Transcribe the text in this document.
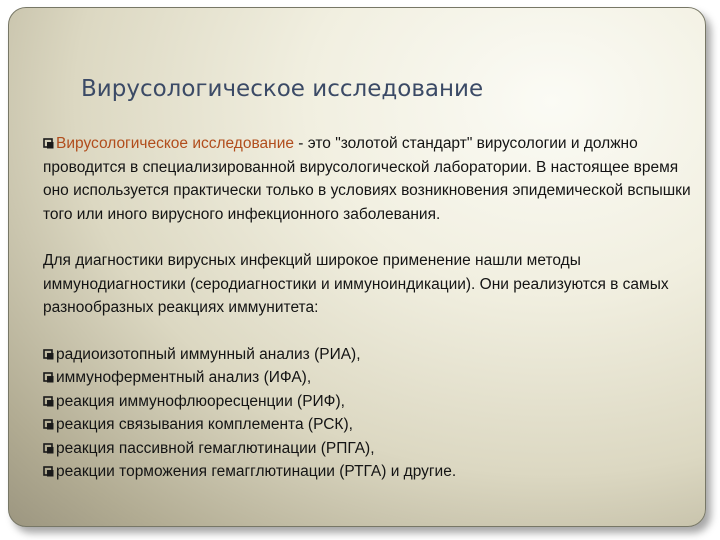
Вирусологическое исследование

Вирусологическое исследование - это "золотой стандарт" вирусологии и должно проводится в специализированной вирусологической лаборатории. В настоящее время оно используется практически только в условиях возникновения эпидемической вспышки того или иного вирусного инфекционного заболевания.

Для диагностики вирусных инфекций широкое применение нашли методы иммунодиагностики (серодиагностики и иммуноиндикации). Они реализуются в самых разнообразных реакциях иммунитета:

радиоизотопный иммунный анализ (РИА),

иммуноферментный анализ (ИФА),

реакция иммунофлюоресценции (РИФ),

реакция связывания комплемента (РСК),

реакция пассивной гемаглютинации (РПГА),

реакции торможения гемагглютинации (РТГА) и другие.
